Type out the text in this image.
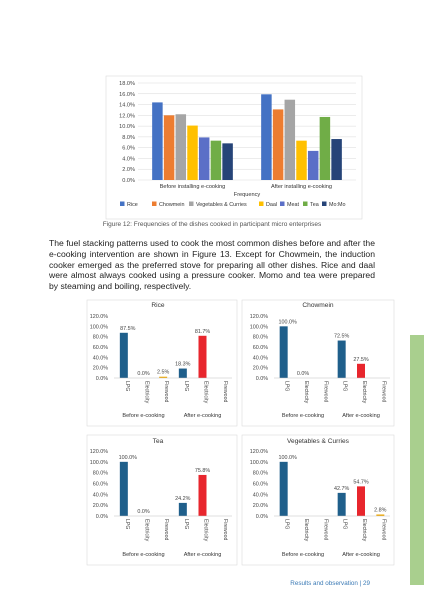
18.0%
16.0%
14.0%
12.0%
10.0%
8.0%
6.0%
4.0%
2.0%
0.0%
Before installing e-cooking	After installing e-cooking
Frequency
Rice	Chowmein Vegetables & Curries	Daal Meat Tea Mo:Mo
Rice
120.0%
100.0%
80.0%
60.0%
40.0%
20.0%
0.0%
87.5%
LPG
0.0%
Electricity
2.5%
Firewood
18.3%
LPG
81.7%
Electricity	Firewood
Before e-cooking	After e-cooking
Chowmein
120.0%
100.0%
80.0%
60.0%
40.0%
20.0%
0.0%
100.0%
LPG
0.0%
Electricity	Firewood
72.5%
LPG
27.5%
Electricity	Firewood
Before e-cooking	After e-cooking
Tea
120.0%
100.0%
80.0%
60.0%
40.0%
20.0%
0.0%
100.0%
LPG
0.0%
Electricity	Firewood
24.2%
LPG
75.8%
Electricity	Firewood
Before e-cooking	After e-cooking
Vegetables & Curries
120.0%
100.0%
80.0%
60.0%
40.0%
20.0%
0.0%
100.0%
LPG	Electricity	Firewood
42.7%
LPG
54.7%
Electricity
2.8%
Firewood
Before e-cooking	After e-cooking
Figure 12: Frequencies of the dishes cooked in participant micro enterprises
The fuel stacking patterns used to cook the most common dishes before and after the e-cooking intervention are shown in Figure 13. Except for Chowmein, the induction cooker emerged as the preferred stove for preparing all other dishes. Rice and daal were almost always cooked using a pressure cooker. Momo and tea were prepared by steaming and boiling, respectively.
Results and observation | 29
